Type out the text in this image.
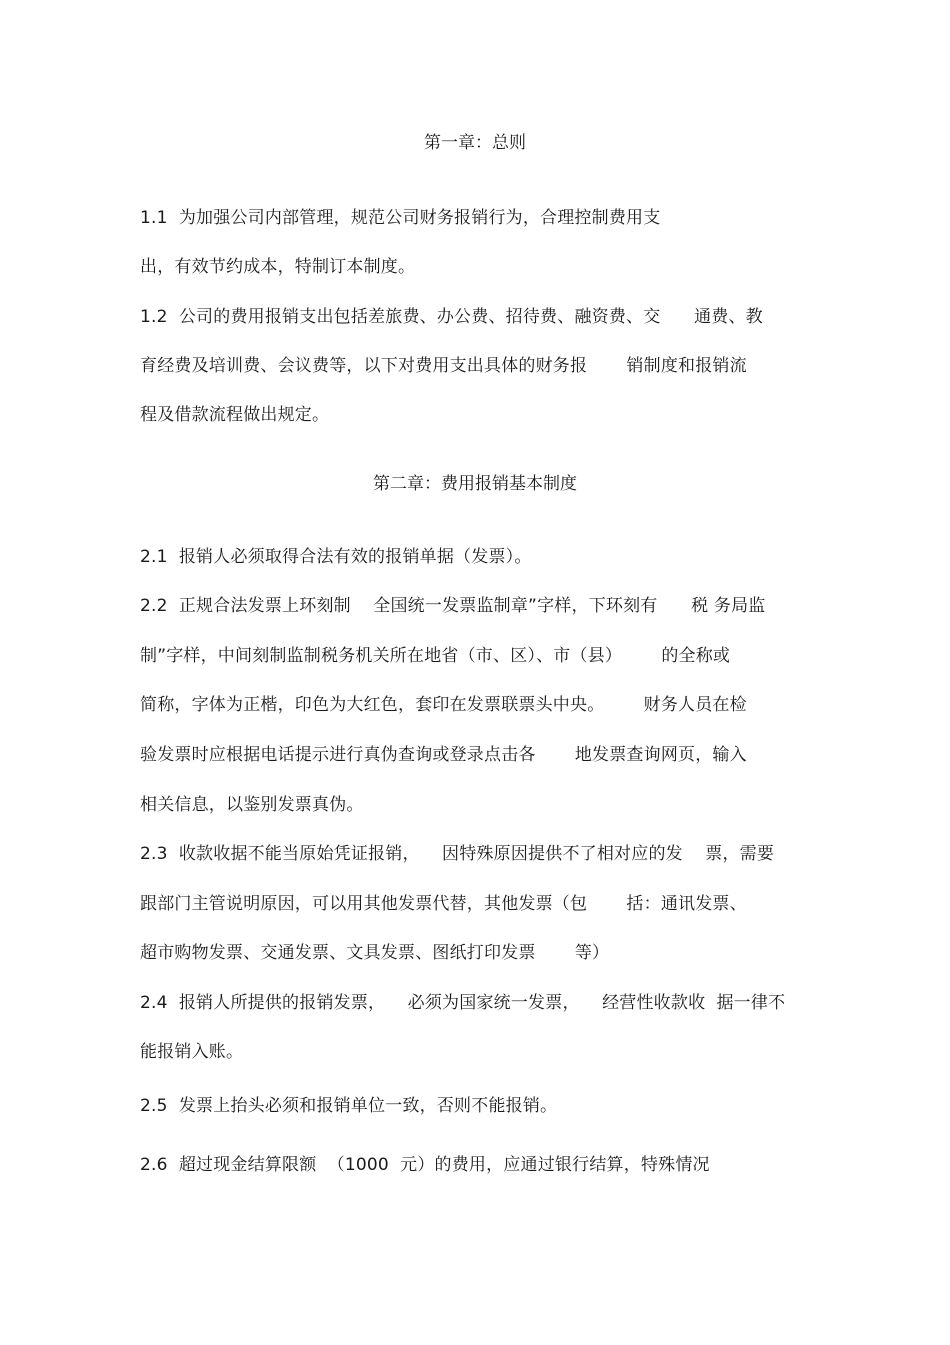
第一章：总则
1.1  为加强公司内部管理，规范公司财务报销行为，合理控制费用支
出，有效节约成本，特制订本制度。
1.2  公司的费用报销支出包括差旅费、办公费、招待费、融资费、交      通费、教
育经费及培训费、会议费等，以下对费用支出具体的财务报       销制度和报销流
程及借款流程做出规定。
第二章：费用报销基本制度
2.1  报销人必须取得合法有效的报销单据（发票）。
2.2  正规合法发票上环刻制    全国统一发票监制章”字样，下环刻有      税 务局监
制”字样，中间刻制监制税务机关所在地省（市、区）、市（县）       的全称或
简称，字体为正楷，印色为大红色，套印在发票联票头中央。       财务人员在检
验发票时应根据电话提示进行真伪查询或登录点击各       地发票查询网页，输入
相关信息，以鉴别发票真伪。
2.3  收款收据不能当原始凭证报销，    因特殊原因提供不了相对应的发    票，需要
跟部门主管说明原因，可以用其他发票代替，其他发票（包       括：通讯发票、
超市购物发票、交通发票、文具发票、图纸打印发票       等）
2.4  报销人所提供的报销发票，    必须为国家统一发票，    经营性收款收  据一律不
能报销入账。
2.5  发票上抬头必须和报销单位一致，否则不能报销。
2.6  超过现金结算限额  （1000  元）的费用，应通过银行结算，特殊情况
